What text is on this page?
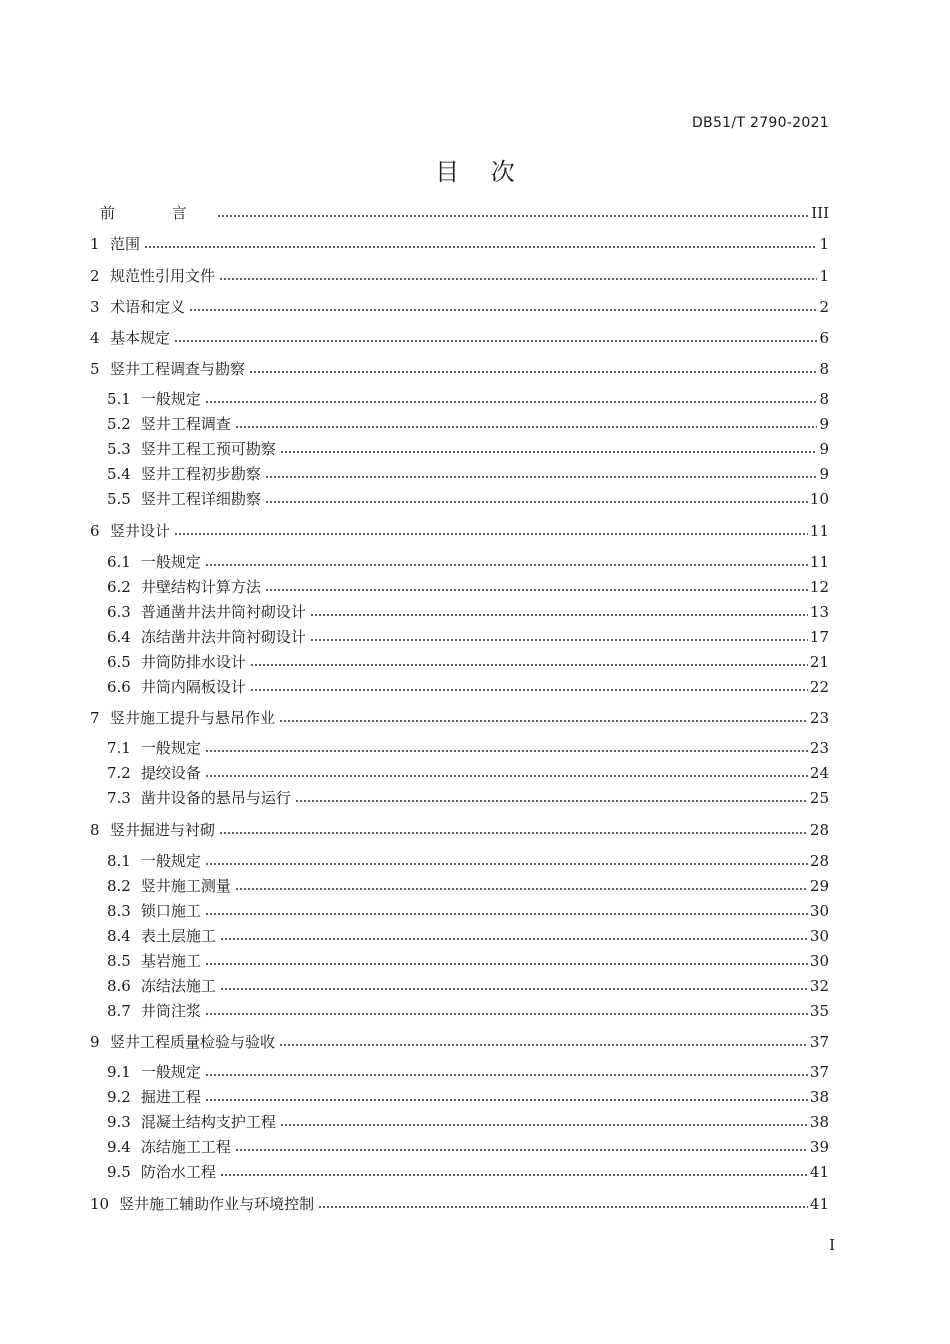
DB51/T 2790-2021
目 次
前 言	III
1 范围	1
2 规范性引用文件	1
3 术语和定义	2
4 基本规定	6
5 竖井工程调查与勘察	8
5.1 一般规定	8
5.2 竖井工程调查	9
5.3 竖井工程工预可勘察	9
5.4 竖井工程初步勘察	9
5.5 竖井工程详细勘察	10
6 竖井设计	11
6.1 一般规定	11
6.2 井壁结构计算方法	12
6.3 普通凿井法井筒衬砌设计	13
6.4 冻结凿井法井筒衬砌设计	17
6.5 井筒防排水设计	21
6.6 井筒内隔板设计	22
7 竖井施工提升与悬吊作业	23
7.1 一般规定	23
7.2 提绞设备	24
7.3 凿井设备的悬吊与运行	25
8 竖井掘进与衬砌	28
8.1 一般规定	28
8.2 竖井施工测量	29
8.3 锁口施工	30
8.4 表土层施工	30
8.5 基岩施工	30
8.6 冻结法施工	32
8.7 井筒注浆	35
9 竖井工程质量检验与验收	37
9.1 一般规定	37
9.2 掘进工程	38
9.3 混凝土结构支护工程	38
9.4 冻结施工工程	39
9.5 防治水工程	41
10 竖井施工辅助作业与环境控制	41
I
